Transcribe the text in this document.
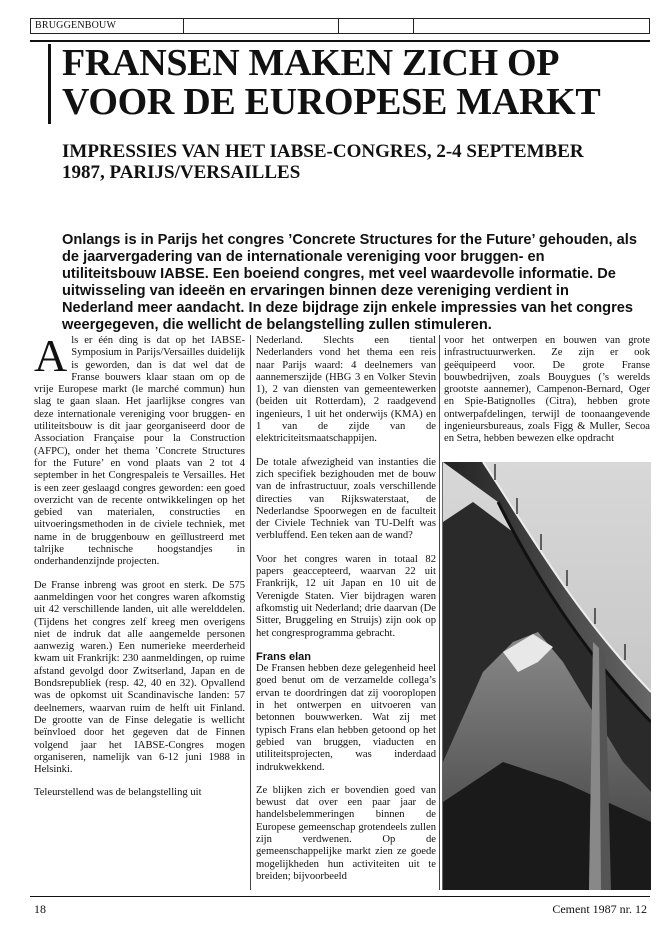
BRUGGENBOUW
FRANSEN MAKEN ZICH OP VOOR DE EUROPESE MARKT
IMPRESSIES VAN HET IABSE-CONGRES, 2-4 SEPTEMBER 1987, PARIJS/VERSAILLES

Onlangs is in Parijs het congres ’Concrete Structures for the Future’ gehouden, als de jaarvergadering van de internationale vereniging voor bruggen- en utiliteitsbouw IABSE. Een boeiend congres, met veel waardevolle informatie. De uitwisseling van ideeën en ervaringen binnen deze vereniging verdient in Nederland meer aandacht. In deze bijdrage zijn enkele impressies van het congres weergegeven, die wellicht de belangstelling zullen stimuleren.

Als er één ding is dat op het IABSE-Symposium in Parijs/Versailles duidelijk is geworden, dan is dat wel dat de Franse bouwers klaar staan om op de vrije Europese markt (le marché commun) hun slag te gaan slaan. Het jaarlijkse congres van deze internationale vereniging voor bruggen- en utiliteitsbouw is dit jaar georganiseerd door de Association Française pour la Construction (AFPC), onder het thema ’Concrete Structures for the Future’ en vond plaats van 2 tot 4 september in het Congrespaleis te Versailles. Het is een zeer geslaagd congres geworden: een goed overzicht van de recente ontwikkelingen op het gebied van materialen, constructies en uitvoeringsmethoden in de civiele techniek, met name in de bruggenbouw en geïllustreerd met talrijke technische hoogstandjes in onderhandenzijnde projecten.

De Franse inbreng was groot en sterk. De 575 aanmeldingen voor het congres waren afkomstig uit 42 verschillende landen, uit alle werelddelen. (Tijdens het congres zelf kreeg men overigens niet de indruk dat alle aangemelde personen aanwezig waren.) Een numerieke meerderheid kwam uit Frankrijk: 230 aanmeldingen, op ruime afstand gevolgd door Zwitserland, Japan en de Bondsrepubliek (resp. 42, 40 en 32). Opvallend was de opkomst uit Scandinavische landen: 57 deelnemers, waarvan ruim de helft uit Finland. De grootte van de Finse delegatie is wellicht beïnvloed door het gegeven dat de Finnen volgend jaar het IABSE-Congres mogen organiseren, namelijk van 6-12 juni 1988 in Helsinki.

Teleurstellend was de belangstelling uit

Nederland. Slechts een tiental Nederlanders vond het thema een reis naar Parijs waard: 4 deelnemers van aannemerszijde (HBG 3 en Volker Stevin 1), 2 van diensten van gemeentewerken (beiden uit Rotterdam), 2 raadgevend ingenieurs, 1 uit het onderwijs (KMA) en 1 van de zijde van de elektriciteitsmaatschappijen.

De totale afwezigheid van instanties die zich specifiek bezighouden met de bouw van de infrastructuur, zoals verschillende directies van Rijkswaterstaat, de Nederlandse Spoorwegen en de faculteit der Civiele Techniek van TU-Delft was verbluffend. Een teken aan de wand?

Voor het congres waren in totaal 82 papers geaccepteerd, waarvan 22 uit Frankrijk, 12 uit Japan en 10 uit de Verenigde Staten. Vier bijdragen waren afkomstig uit Nederland; drie daarvan (De Sitter, Bruggeling en Struijs) zijn ook op het congresprogramma gebracht.

Frans elan

De Fransen hebben deze gelegenheid heel goed benut om de verzamelde collega’s ervan te doordringen dat zij vooroplopen in het ontwerpen en uitvoeren van betonnen bouwwerken. Wat zij met typisch Frans elan hebben getoond op het gebied van bruggen, viaducten en utiliteitsprojecten, was inderdaad indrukwekkend.

Ze blijken zich er bovendien goed van bewust dat over een paar jaar de handelsbelemmeringen binnen de Europese gemeenschap grotendeels zullen zijn verdwenen. Op de gemeenschappelijke markt zien ze goede mogelijkheden hun activiteiten uit te breiden; bijvoorbeeld

voor het ontwerpen en bouwen van grote infrastructuurwerken. Ze zijn er ook geëquipeerd voor. De grote Franse bouwbedrijven, zoals Bouygues (’s werelds grootste aannemer), Campenon-Bernard, Oger en Spie-Batignolles (Citra), hebben grote ontwerpafdelingen, terwijl de toonaangevende ingenieursbureaus, zoals Figg & Muller, Secoa en Setra, hebben bewezen elke opdracht

18	Cement 1987 nr. 12
